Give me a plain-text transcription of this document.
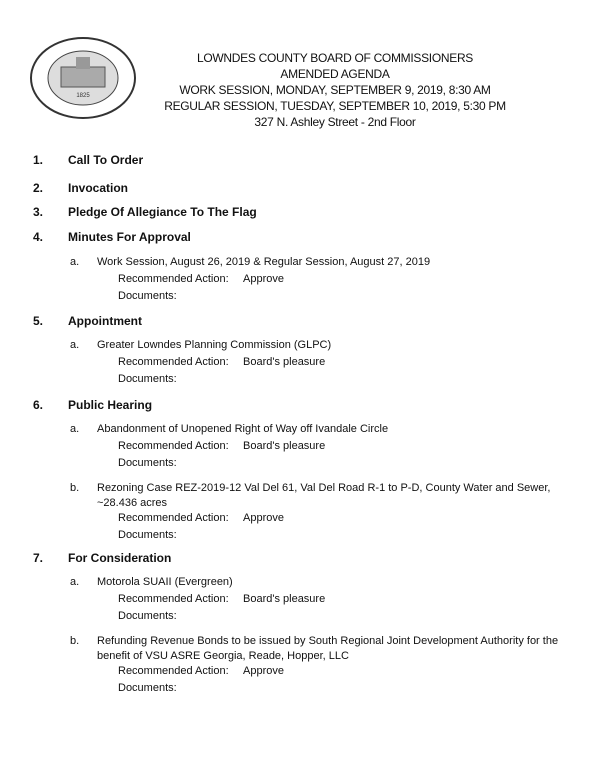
1825
LOWNDES COUNTY BOARD OF COMMISSIONERS
AMENDED AGENDA
WORK SESSION, MONDAY, SEPTEMBER 9, 2019, 8:30 AM
REGULAR SESSION, TUESDAY, SEPTEMBER 10, 2019, 5:30 PM
327 N. Ashley Street - 2nd Floor
1. Call To Order
2. Invocation
3. Pledge Of Allegiance To The Flag
4. Minutes For Approval
a. Work Session, August 26, 2019 & Regular Session, August 27, 2019
Recommended Action: Approve
Documents:
5. Appointment
a. Greater Lowndes Planning Commission (GLPC)
Recommended Action: Board's pleasure
Documents:
6. Public Hearing
a. Abandonment of Unopened Right of Way off Ivandale Circle
Recommended Action: Board's pleasure
Documents:
b. Rezoning Case REZ-2019-12 Val Del 61, Val Del Road R-1 to P-D, County Water and Sewer,
~28.436 acres
Recommended Action: Approve
Documents:
7. For Consideration
a. Motorola SUAII (Evergreen)
Recommended Action: Board's pleasure
Documents:
b. Refunding Revenue Bonds to be issued by South Regional Joint Development Authority for the
benefit of VSU ASRE Georgia, Reade, Hopper, LLC
Recommended Action: Approve
Documents:
